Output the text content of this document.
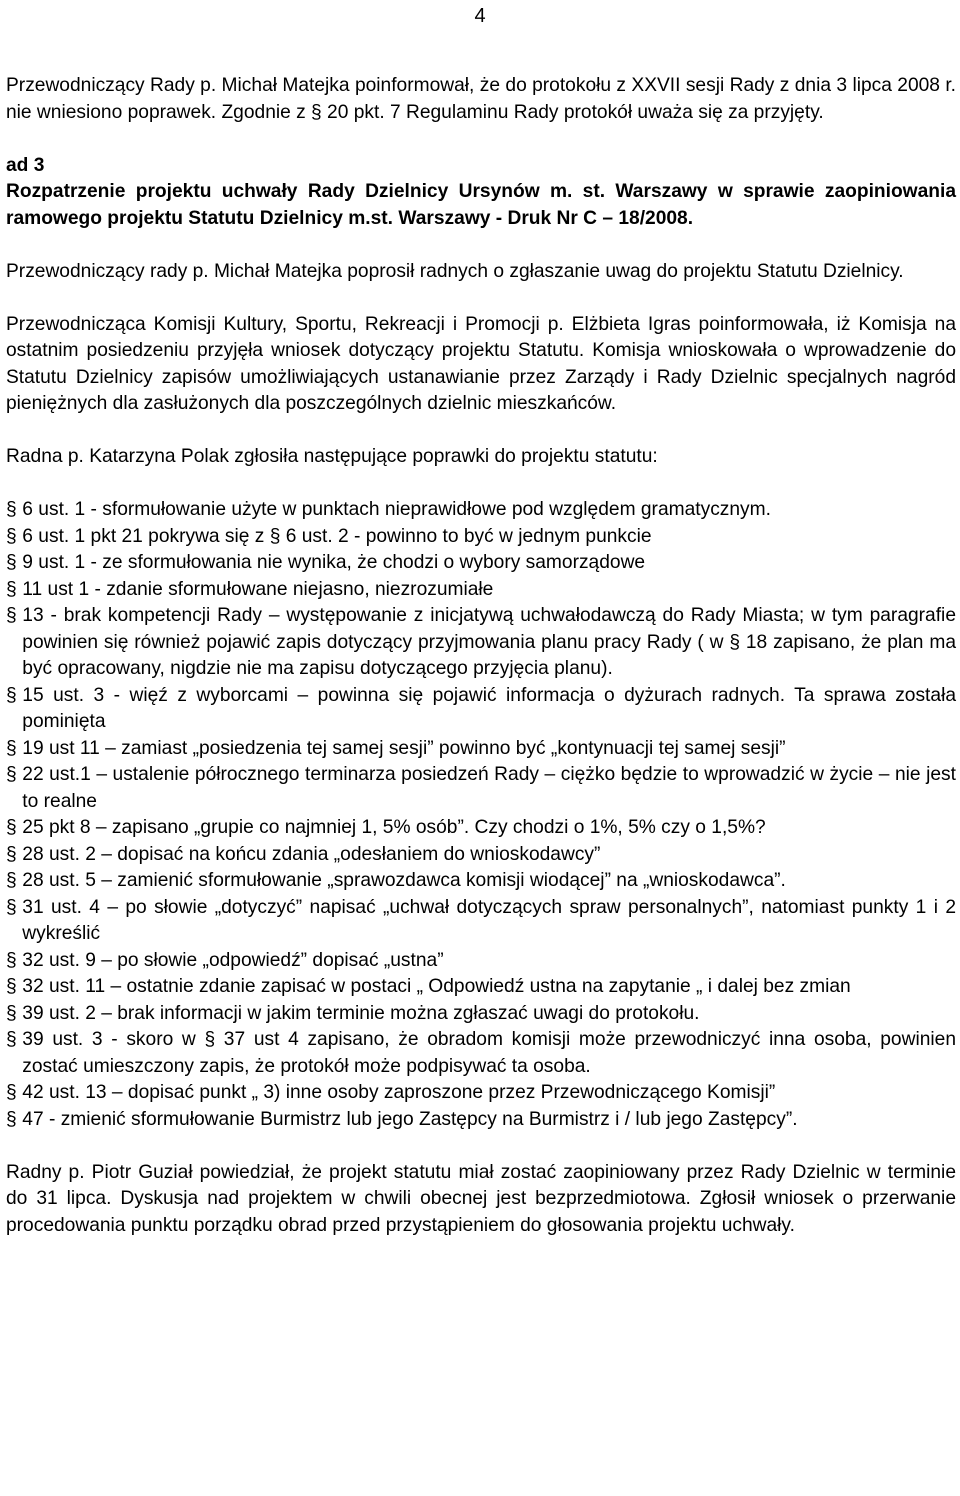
4

Przewodniczący Rady p. Michał Matejka poinformował, że do protokołu z XXVII sesji Rady z dnia 3 lipca 2008 r. nie wniesiono poprawek. Zgodnie z § 20 pkt. 7 Regulaminu Rady protokół uważa się za przyjęty.

ad 3

Rozpatrzenie projektu uchwały Rady Dzielnicy Ursynów m. st. Warszawy w sprawie zaopiniowania ramowego projektu Statutu Dzielnicy m.st. Warszawy - Druk Nr C – 18/2008.

Przewodniczący rady p. Michał Matejka poprosił radnych o zgłaszanie uwag do projektu Statutu Dzielnicy.

Przewodnicząca Komisji Kultury, Sportu, Rekreacji i Promocji p. Elżbieta Igras poinformowała, iż Komisja na ostatnim posiedzeniu przyjęła wniosek dotyczący projektu Statutu. Komisja wnioskowała o wprowadzenie do Statutu Dzielnicy zapisów umożliwiających ustanawianie przez Zarządy i Rady Dzielnic specjalnych nagród pieniężnych dla zasłużonych dla poszczególnych dzielnic mieszkańców.

Radna p. Katarzyna Polak zgłosiła następujące poprawki do projektu statutu:

§ 6 ust. 1 - sformułowanie użyte w punktach nieprawidłowe pod względem gramatycznym.
§ 6 ust. 1 pkt 21 pokrywa się z § 6 ust. 2 - powinno to być w jednym punkcie
§ 9 ust. 1 - ze sformułowania nie wynika, że chodzi o wybory samorządowe
§ 11 ust 1 - zdanie sformułowane niejasno, niezrozumiałe
§ 13 - brak kompetencji Rady – występowanie z inicjatywą uchwałodawczą do Rady Miasta; w tym paragrafie powinien się również pojawić zapis dotyczący przyjmowania planu pracy Rady ( w § 18 zapisano, że plan ma być opracowany, nigdzie nie ma zapisu dotyczącego przyjęcia planu).
§ 15 ust. 3 - więź z wyborcami – powinna się pojawić informacja o dyżurach radnych. Ta sprawa została pominięta
§ 19 ust 11 – zamiast „posiedzenia tej samej sesji” powinno być „kontynuacji tej samej sesji”
§ 22 ust.1 – ustalenie półrocznego terminarza posiedzeń Rady – ciężko będzie to wprowadzić w życie – nie jest to realne
§ 25 pkt 8 – zapisano „grupie co najmniej 1, 5% osób”. Czy chodzi o 1%, 5% czy o 1,5%?
§ 28 ust. 2 – dopisać na końcu zdania „odesłaniem do wnioskodawcy”
§ 28 ust. 5 – zamienić sformułowanie „sprawozdawca komisji wiodącej” na „wnioskodawca”.
§ 31 ust. 4 – po słowie „dotyczyć” napisać „uchwał dotyczących spraw personalnych”, natomiast punkty 1 i 2 wykreślić
§ 32 ust. 9 – po słowie „odpowiedź” dopisać „ustna”
§ 32 ust. 11 – ostatnie zdanie zapisać w postaci „ Odpowiedź ustna na zapytanie „ i dalej bez zmian
§ 39 ust. 2 – brak informacji w jakim terminie można zgłaszać uwagi do protokołu.
§ 39 ust. 3 - skoro w § 37 ust 4 zapisano, że obradom komisji może przewodniczyć inna osoba, powinien zostać umieszczony zapis, że protokół może podpisywać ta osoba.
§ 42 ust. 13 – dopisać punkt „ 3) inne osoby zaproszone przez Przewodniczącego Komisji”
§ 47 - zmienić sformułowanie Burmistrz lub jego Zastępcy na Burmistrz i / lub jego Zastępcy”.

Radny p. Piotr Guział powiedział, że projekt statutu miał zostać zaopiniowany przez Rady Dzielnic w terminie do 31 lipca. Dyskusja nad projektem w chwili obecnej jest bezprzedmiotowa. Zgłosił wniosek o przerwanie procedowania punktu porządku obrad przed przystąpieniem do głosowania projektu uchwały.
